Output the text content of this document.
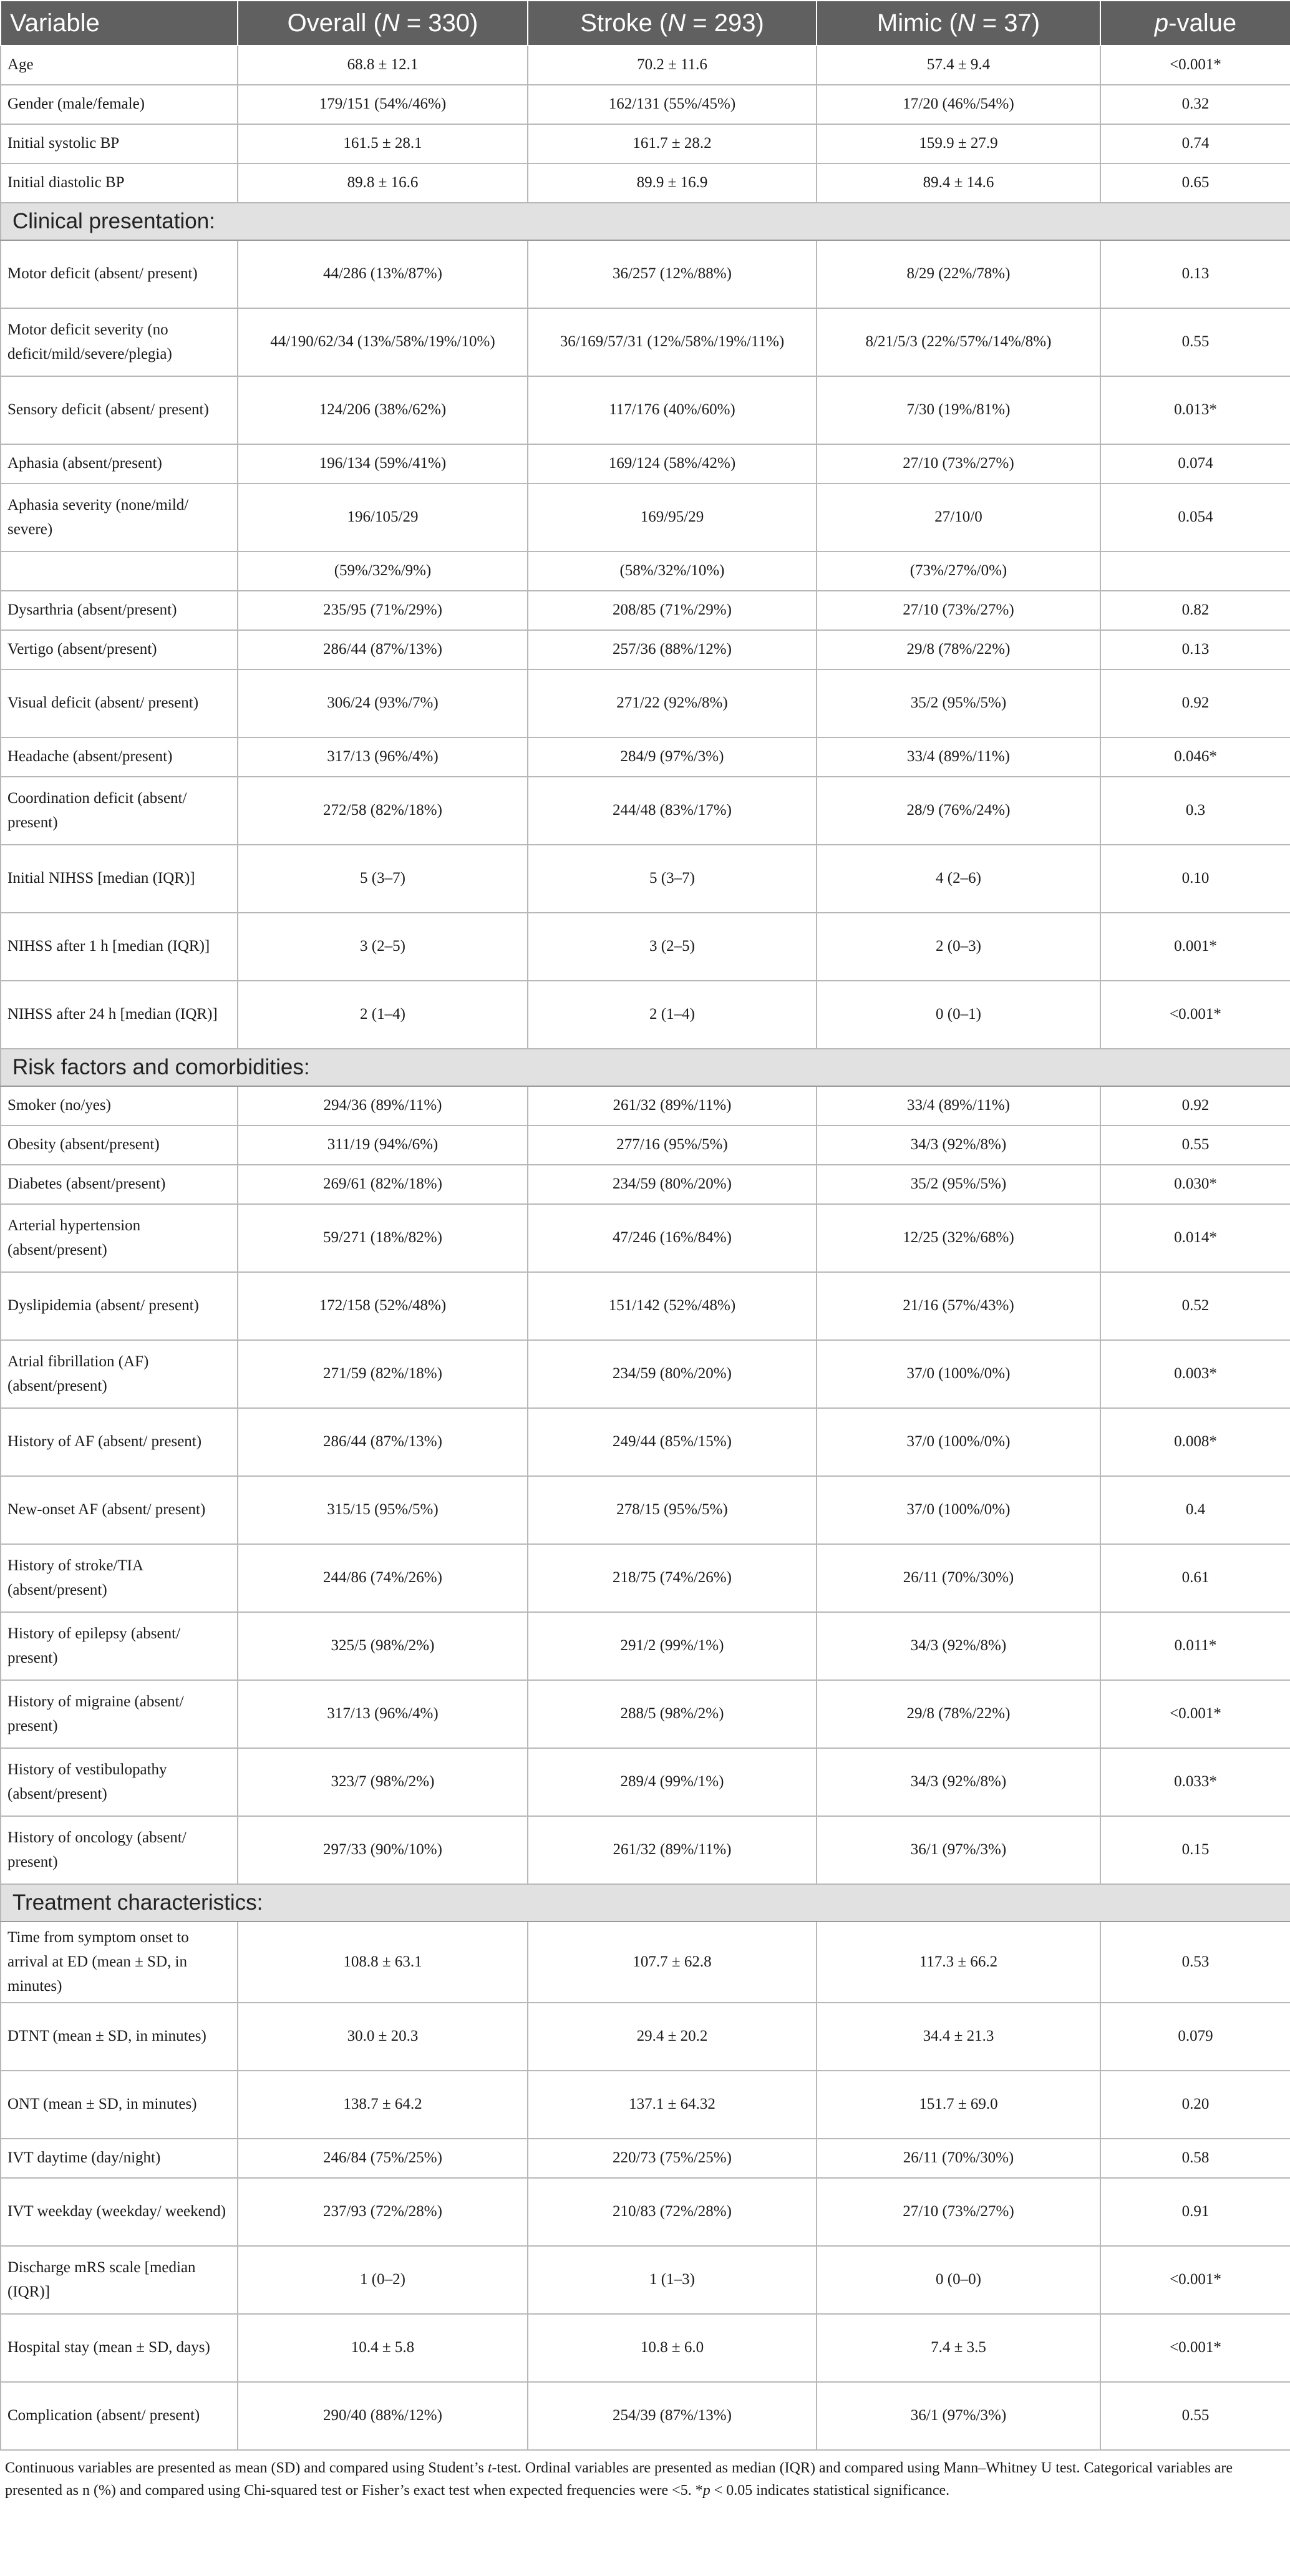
Variable	Overall (N = 330)	Stroke (N = 293)	Mimic (N = 37)	p-value
Age	68.8 ± 12.1	70.2 ± 11.6	57.4 ± 9.4	<0.001*
Gender (male/female)	179/151 (54%/46%)	162/131 (55%/45%)	17/20 (46%/54%)	0.32
Initial systolic BP	161.5 ± 28.1	161.7 ± 28.2	159.9 ± 27.9	0.74
Initial diastolic BP	89.8 ± 16.6	89.9 ± 16.9	89.4 ± 14.6	0.65
Clinical presentation:				
Motor deficit (absent/ present)	44/286 (13%/87%)	36/257 (12%/88%)	8/29 (22%/78%)	0.13
Motor deficit severity (no deficit/mild/severe/plegia)	44/190/62/34 (13%/58%/19%/10%)	36/169/57/31 (12%/58%/19%/11%)	8/21/5/3 (22%/57%/14%/8%)	0.55
Sensory deficit (absent/ present)	124/206 (38%/62%)	117/176 (40%/60%)	7/30 (19%/81%)	0.013*
Aphasia (absent/present)	196/134 (59%/41%)	169/124 (58%/42%)	27/10 (73%/27%)	0.074
Aphasia severity (none/mild/ severe)	196/105/29	169/95/29	27/10/0	0.054
	(59%/32%/9%)	(58%/32%/10%)	(73%/27%/0%)	
Dysarthria (absent/present)	235/95 (71%/29%)	208/85 (71%/29%)	27/10 (73%/27%)	0.82
Vertigo (absent/present)	286/44 (87%/13%)	257/36 (88%/12%)	29/8 (78%/22%)	0.13
Visual deficit (absent/ present)	306/24 (93%/7%)	271/22 (92%/8%)	35/2 (95%/5%)	0.92
Headache (absent/present)	317/13 (96%/4%)	284/9 (97%/3%)	33/4 (89%/11%)	0.046*
Coordination deficit (absent/ present)	272/58 (82%/18%)	244/48 (83%/17%)	28/9 (76%/24%)	0.3
Initial NIHSS [median (IQR)]	5 (3–7)	5 (3–7)	4 (2–6)	0.10
NIHSS after 1 h [median (IQR)]	3 (2–5)	3 (2–5)	2 (0–3)	0.001*
NIHSS after 24 h [median (IQR)]	2 (1–4)	2 (1–4)	0 (0–1)	<0.001*
Risk factors and comorbidities:				
Smoker (no/yes)	294/36 (89%/11%)	261/32 (89%/11%)	33/4 (89%/11%)	0.92
Obesity (absent/present)	311/19 (94%/6%)	277/16 (95%/5%)	34/3 (92%/8%)	0.55
Diabetes (absent/present)	269/61 (82%/18%)	234/59 (80%/20%)	35/2 (95%/5%)	0.030*
Arterial hypertension (absent/present)	59/271 (18%/82%)	47/246 (16%/84%)	12/25 (32%/68%)	0.014*
Dyslipidemia (absent/ present)	172/158 (52%/48%)	151/142 (52%/48%)	21/16 (57%/43%)	0.52
Atrial fibrillation (AF) (absent/present)	271/59 (82%/18%)	234/59 (80%/20%)	37/0 (100%/0%)	0.003*
History of AF (absent/ present)	286/44 (87%/13%)	249/44 (85%/15%)	37/0 (100%/0%)	0.008*
New-onset AF (absent/ present)	315/15 (95%/5%)	278/15 (95%/5%)	37/0 (100%/0%)	0.4
History of stroke/TIA (absent/present)	244/86 (74%/26%)	218/75 (74%/26%)	26/11 (70%/30%)	0.61
History of epilepsy (absent/ present)	325/5 (98%/2%)	291/2 (99%/1%)	34/3 (92%/8%)	0.011*
History of migraine (absent/ present)	317/13 (96%/4%)	288/5 (98%/2%)	29/8 (78%/22%)	<0.001*
History of vestibulopathy (absent/present)	323/7 (98%/2%)	289/4 (99%/1%)	34/3 (92%/8%)	0.033*
History of oncology (absent/ present)	297/33 (90%/10%)	261/32 (89%/11%)	36/1 (97%/3%)	0.15
Treatment characteristics:				
Time from symptom onset to arrival at ED (mean ± SD, in minutes)	108.8 ± 63.1	107.7 ± 62.8	117.3 ± 66.2	0.53
DTNT (mean ± SD, in minutes)	30.0 ± 20.3	29.4 ± 20.2	34.4 ± 21.3	0.079
ONT (mean ± SD, in minutes)	138.7 ± 64.2	137.1 ± 64.32	151.7 ± 69.0	0.20
IVT daytime (day/night)	246/84 (75%/25%)	220/73 (75%/25%)	26/11 (70%/30%)	0.58
IVT weekday (weekday/ weekend)	237/93 (72%/28%)	210/83 (72%/28%)	27/10 (73%/27%)	0.91
Discharge mRS scale [median (IQR)]	1 (0–2)	1 (1–3)	0 (0–0)	<0.001*
Hospital stay (mean ± SD, days)	10.4 ± 5.8	10.8 ± 6.0	7.4 ± 3.5	<0.001*
Complication (absent/ present)	290/40 (88%/12%)	254/39 (87%/13%)	36/1 (97%/3%)	0.55
Continuous variables are presented as mean (SD) and compared using Student’s t-test. Ordinal variables are presented as median (IQR) and compared using Mann–Whitney U test. Categorical variables are presented as n (%) and compared using Chi-squared test or Fisher’s exact test when expected frequencies were <5. *p < 0.05 indicates statistical significance.
